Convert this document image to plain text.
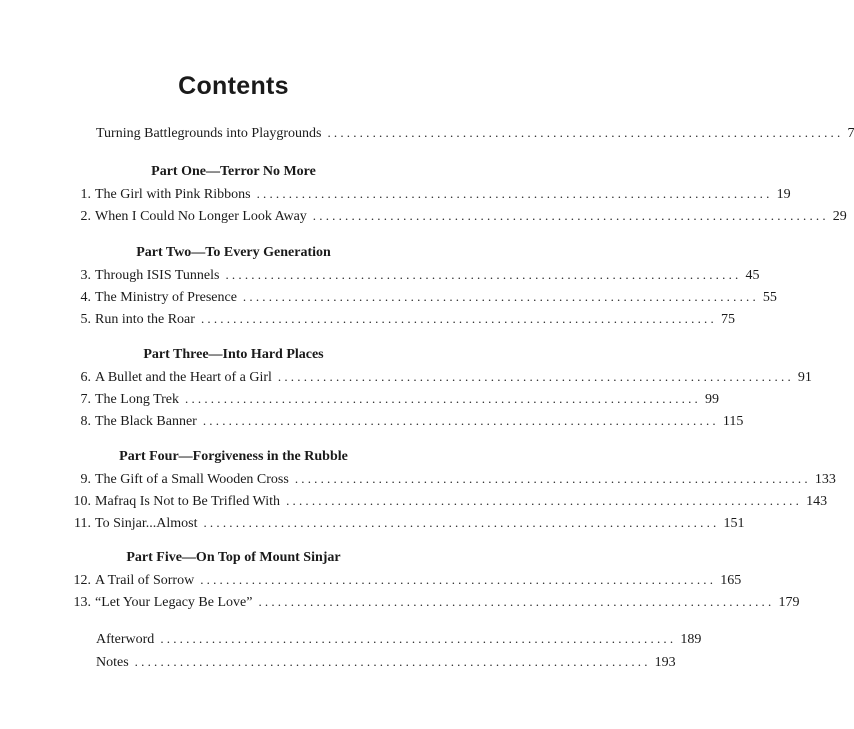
Contents
Turning Battlegrounds into Playgrounds ................................................................................ 7
Part One—Terror No More
1. The Girl with Pink Ribbons ................................................................................ 19
2. When I Could No Longer Look Away ................................................................................ 29
Part Two—To Every Generation
3. Through ISIS Tunnels ................................................................................ 45
4. The Ministry of Presence ................................................................................ 55
5. Run into the Roar ................................................................................ 75
Part Three—Into Hard Places
6. A Bullet and the Heart of a Girl ................................................................................ 91
7. The Long Trek ................................................................................ 99
8. The Black Banner ................................................................................ 115
Part Four—Forgiveness in the Rubble
9. The Gift of a Small Wooden Cross ................................................................................ 133
10. Mafraq Is Not to Be Trifled With ................................................................................ 143
11. To Sinjar...Almost ................................................................................ 151
Part Five—On Top of Mount Sinjar
12. A Trail of Sorrow ................................................................................ 165
13. “Let Your Legacy Be Love” ................................................................................ 179
Afterword ................................................................................ 189
Notes ................................................................................ 193
